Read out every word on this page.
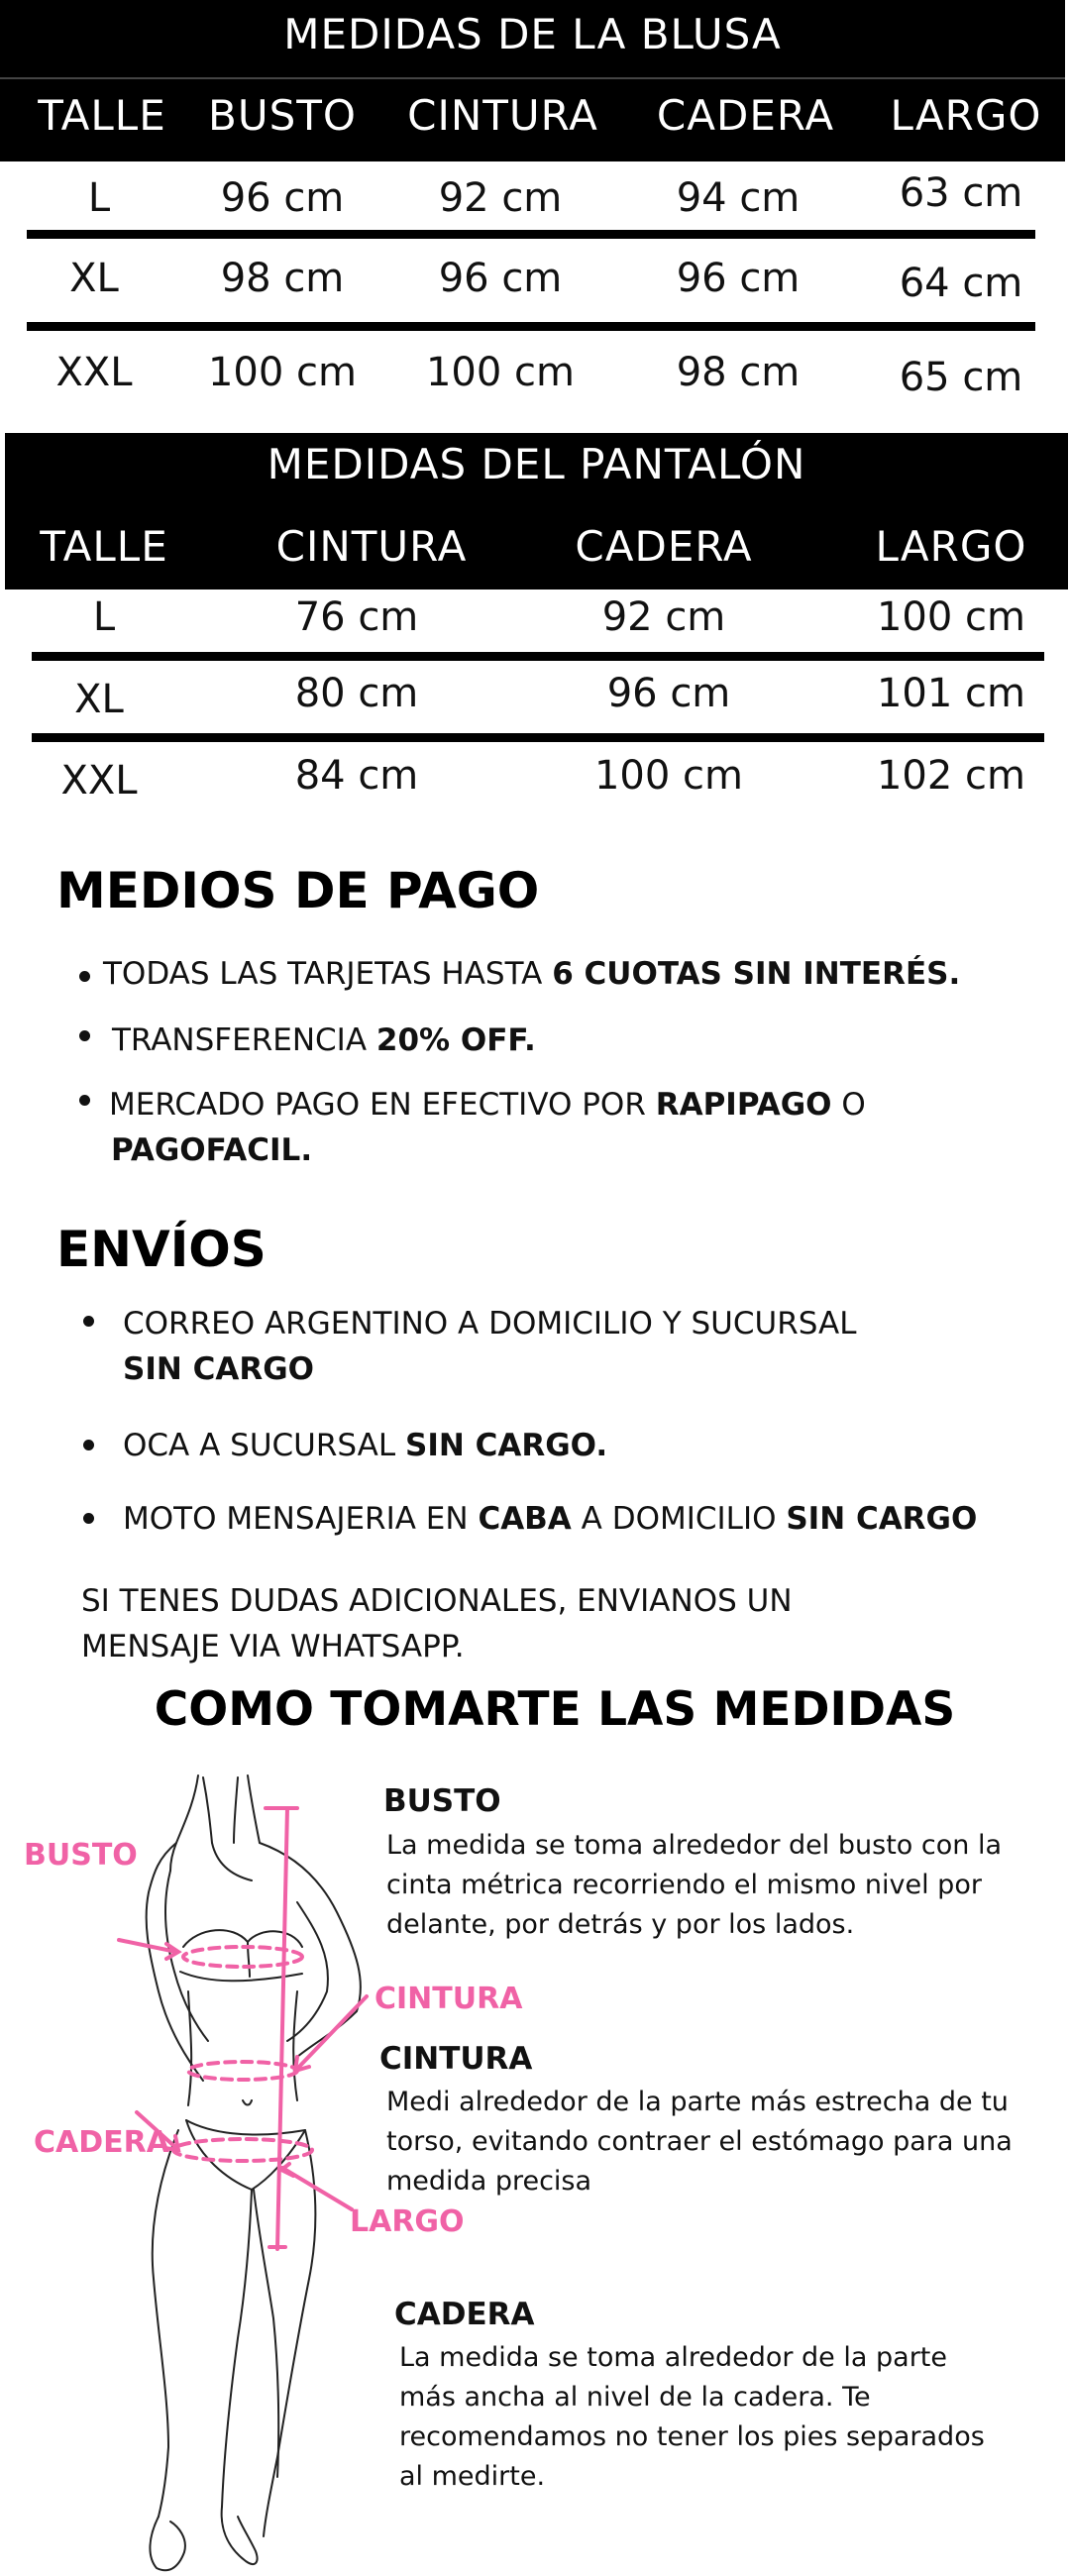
MEDIDAS DE LA BLUSA
TALLE	BUSTO	CINTURA	CADERA	LARGO
L	96 cm	92 cm	94 cm	63 cm
XL	98 cm	96 cm	96 cm	64 cm
XXL	100 cm	100 cm	98 cm	65 cm
MEDIDAS DEL PANTALÓN
TALLE	CINTURA	CADERA	LARGO
L	76 cm	92 cm	100 cm
XL	80 cm	96 cm	101 cm
XXL	84 cm	100 cm	102 cm
MEDIOS DE PAGO
TODAS LAS TARJETAS HASTA 6 CUOTAS SIN INTERÉS.
TRANSFERENCIA 20% OFF.
MERCADO PAGO EN EFECTIVO POR RAPIPAGO O
PAGOFACIL.
ENVÍOS
CORREO ARGENTINO A DOMICILIO Y SUCURSAL
SIN CARGO
OCA A SUCURSAL SIN CARGO.
MOTO MENSAJERIA EN CABA A DOMICILIO SIN CARGO
SI TENES DUDAS ADICIONALES, ENVIANOS UN
MENSAJE VIA WHATSAPP.
COMO TOMARTE LAS MEDIDAS
BUSTO
CINTURA
CADERA
LARGO
BUSTO
La medida se toma alrededor del busto con la
cinta métrica recorriendo el mismo nivel por
delante, por detrás y por los lados.
CINTURA
Medi alrededor de la parte más estrecha de tu
torso, evitando contraer el estómago para una
medida precisa
CADERA
La medida se toma alrededor de la parte
más ancha al nivel de la cadera. Te
recomendamos no tener los pies separados
al medirte.
